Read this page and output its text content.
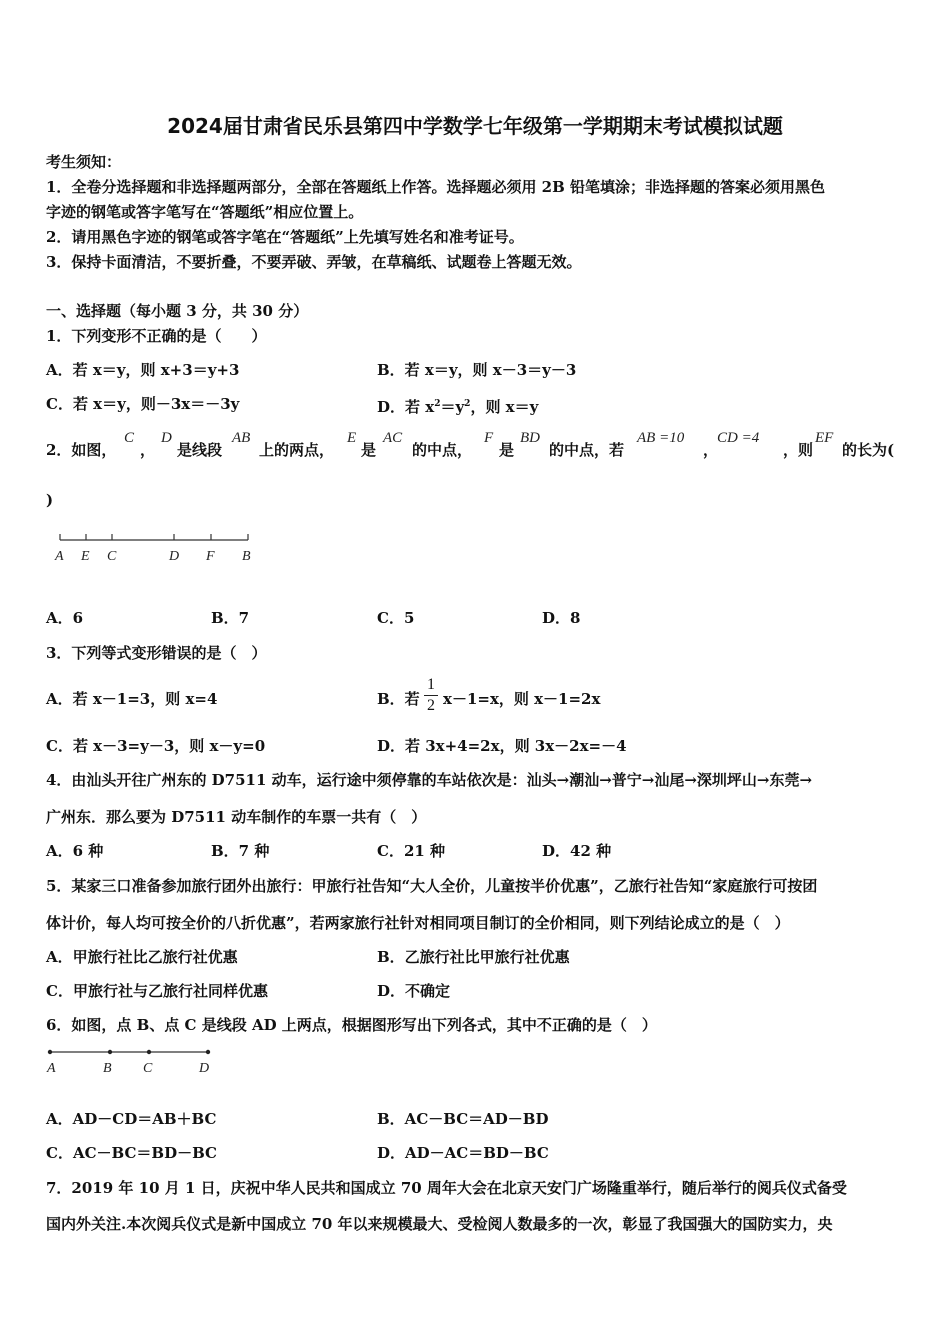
2024届甘肃省民乐县第四中学数学七年级第一学期期末考试模拟试题
考生须知：
1．全卷分选择题和非选择题两部分，全部在答题纸上作答。选择题必须用 2B 铅笔填涂；非选择题的答案必须用黑色
字迹的钢笔或答字笔写在“答题纸”相应位置上。
2．请用黑色字迹的钢笔或答字笔在“答题纸”上先填写姓名和准考证号。
3．保持卡面清洁，不要折叠，不要弄破、弄皱，在草稿纸、试题卷上答题无效。
一、选择题（每小题 3 分，共 30 分）
1．下列变形不正确的是（　　）
A．若 x＝y，则 x+3＝y+3	B．若 x＝y，则 x－3＝y－3
C．若 x＝y，则－3x＝－3y	D．若 $x^2=y^2$，则 x＝y
2．如图，
C
，
D
是线段
AB
上的两点，
E
是
AC
的中点，
F
是
BD
的中点，若
AB =10
，
CD =4
，则
EF
的长为(
)
A E C	D F B
A．6	B．7	C．5	D．8
3．下列等式变形错误的是（　）
A．若 x－1=3，则 x=4	B．若
1
2 x－1=x，则 x－1=2x
C．若 x－3=y－3，则 x－y=0	D．若 3x+4=2x，则 3x－2x=－4
4．由汕头开往广州东的 D7511 动车，运行途中须停靠的车站依次是：汕头→潮汕→普宁→汕尾→深圳坪山→东莞→
广州东．那么要为 D7511 动车制作的车票一共有（　）
A．6 种	B．7 种	C．21 种	D．42 种
5．某家三口准备参加旅行团外出旅行：甲旅行社告知“大人全价，儿童按半价优惠”，乙旅行社告知“家庭旅行可按团
体计价，每人均可按全价的八折优惠”，若两家旅行社针对相同项目制订的全价相同，则下列结论成立的是（　）
A．甲旅行社比乙旅行社优惠	B．乙旅行社比甲旅行社优惠
C．甲旅行社与乙旅行社同样优惠	D．不确定
6．如图，点 B、点 C 是线段 AD 上两点，根据图形写出下列各式，其中不正确的是（　）
A	B C	D
A．AD－CD＝AB＋BC	B．AC－BC＝AD－BD
C．AC－BC＝BD－BC	D．AD－AC＝BD－BC
7．2019 年 10 月 1 日，庆祝中华人民共和国成立 70 周年大会在北京天安门广场隆重举行，随后举行的阅兵仪式备受
国内外关注.本次阅兵仪式是新中国成立 70 年以来规模最大、受检阅人数最多的一次，彰显了我国强大的国防实力，央
